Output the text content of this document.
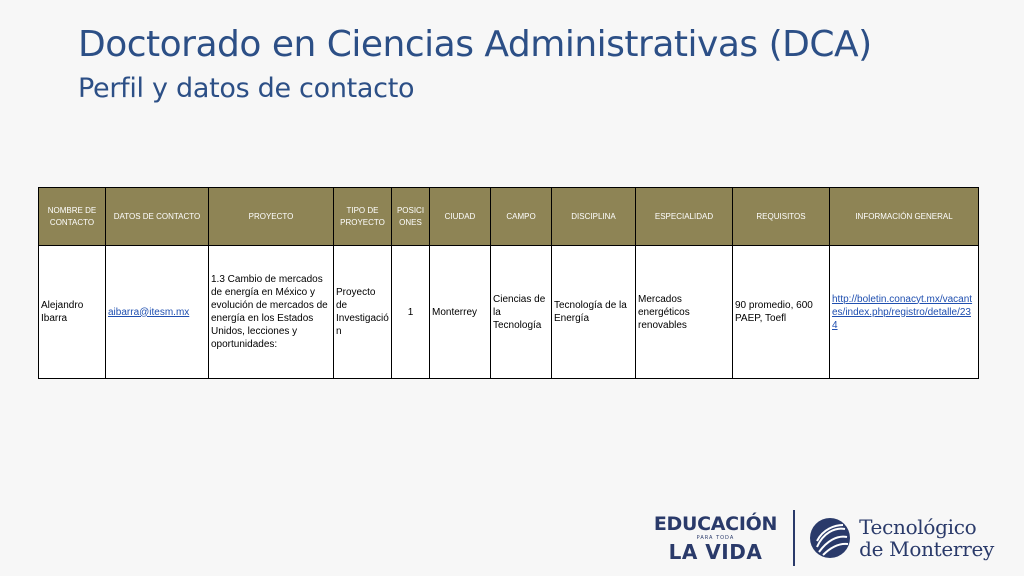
Doctorado en Ciencias Administrativas (DCA)
Perfil y datos de contacto
NOMBRE DE CONTACTO	DATOS DE CONTACTO	PROYECTO	TIPO DE PROYECTO	POSICIONES	CIUDAD	CAMPO	DISCIPLINA	ESPECIALIDAD	REQUISITOS	INFORMACIÓN GENERAL
Alejandro Ibarra	aibarra@itesm.mx	1.3 Cambio de mercados de energía en México y evolución de mercados de energía en los Estados Unidos, lecciones y oportunidades:	Proyecto de Investigación	1	Monterrey	Ciencias de la Tecnología	Tecnología de la Energía	Mercados energéticos renovables	90 promedio, 600 PAEP, Toefl	http://boletin.conacyt.mx/vacantes/index.php/registro/detalle/234
EDUCACIÓN
PARA TODA
LA VIDA
Tecnológico
de Monterrey
